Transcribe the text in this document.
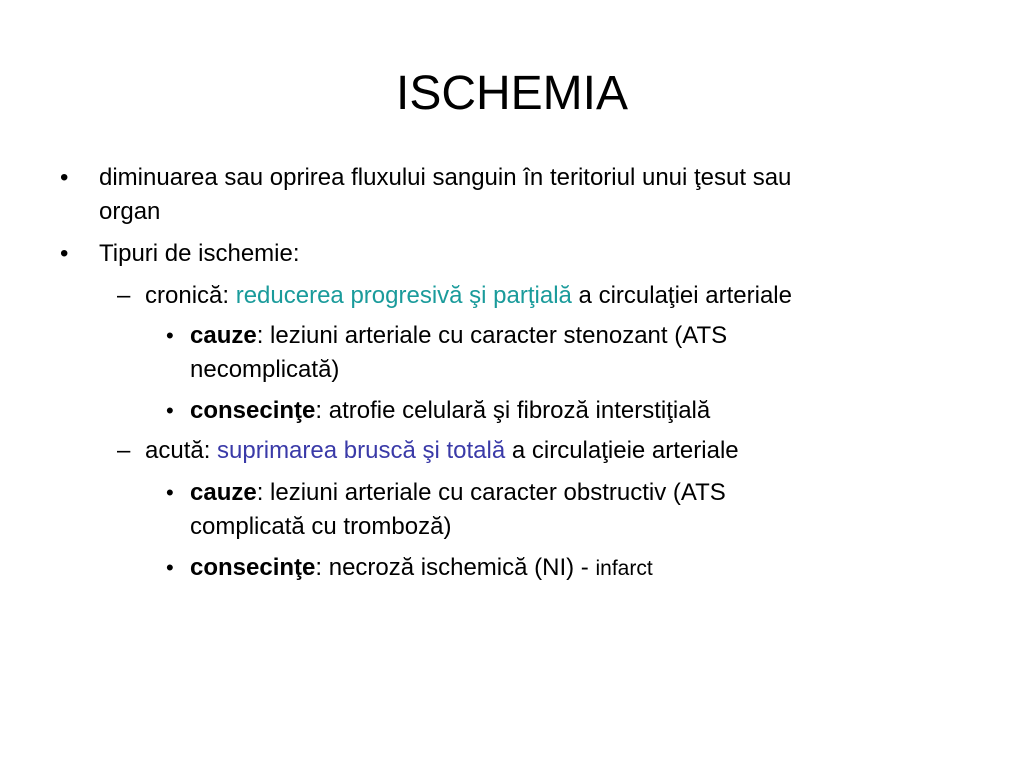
ISCHEMIA
• diminuarea sau oprirea fluxului sanguin în teritoriul unui ţesut sau
organ
• Tipuri de ischemie:
– cronică: reducerea progresivă şi parţială a circulaţiei arteriale
• cauze: leziuni arteriale cu caracter stenozant (ATS
necomplicată)
• consecinţe: atrofie celulară şi fibroză interstiţială
– acută: suprimarea bruscă şi totală a circulaţieie arteriale
• cauze: leziuni arteriale cu caracter obstructiv (ATS
complicată cu tromboză)
• consecinţe: necroză ischemică (NI) - infarct
